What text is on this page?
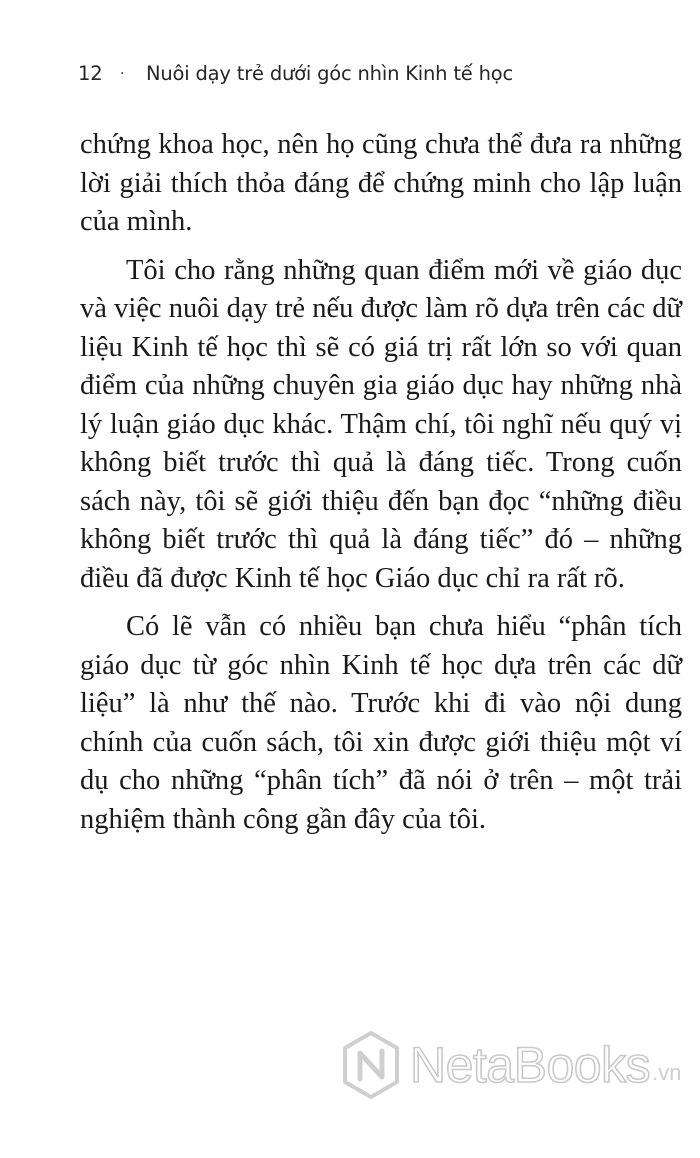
12 · Nuôi dạy trẻ dưới góc nhìn Kinh tế học

chứng khoa học, nên họ cũng chưa thể đưa ra những lời giải thích thỏa đáng để chứng minh cho lập luận của mình.

Tôi cho rằng những quan điểm mới về giáo dục và việc nuôi dạy trẻ nếu được làm rõ dựa trên các dữ liệu Kinh tế học thì sẽ có giá trị rất lớn so với quan điểm của những chuyên gia giáo dục hay những nhà lý luận giáo dục khác. Thậm chí, tôi nghĩ nếu quý vị không biết trước thì quả là đáng tiếc. Trong cuốn sách này, tôi sẽ giới thiệu đến bạn đọc “những điều không biết trước thì quả là đáng tiếc” đó – những điều đã được Kinh tế học Giáo dục chỉ ra rất rõ.

Có lẽ vẫn có nhiều bạn chưa hiểu “phân tích giáo dục từ góc nhìn Kinh tế học dựa trên các dữ liệu” là như thế nào. Trước khi đi vào nội dung chính của cuốn sách, tôi xin được giới thiệu một ví dụ cho những “phân tích” đã nói ở trên – một trải nghiệm thành công gần đây của tôi.

NetaBooks .vn
